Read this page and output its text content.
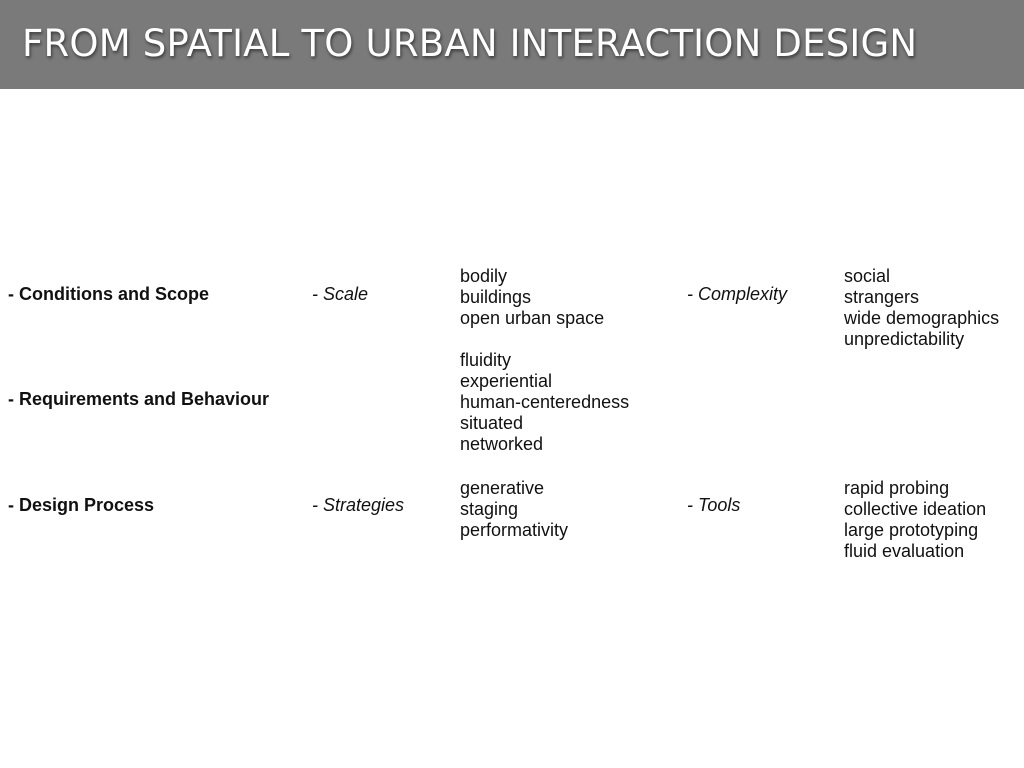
FROM SPATIAL TO URBAN INTERACTION DESIGN
- Conditions and Scope	- Scale
bodily
buildings
open urban space
- Complexity
social
strangers
wide demographics
unpredictability
- Requirements and Behaviour
fluidity
experiential
human-centeredness
situated
networked
- Design Process	- Strategies
generative
staging
performativity
- Tools
rapid probing
collective ideation
large prototyping
fluid evaluation
